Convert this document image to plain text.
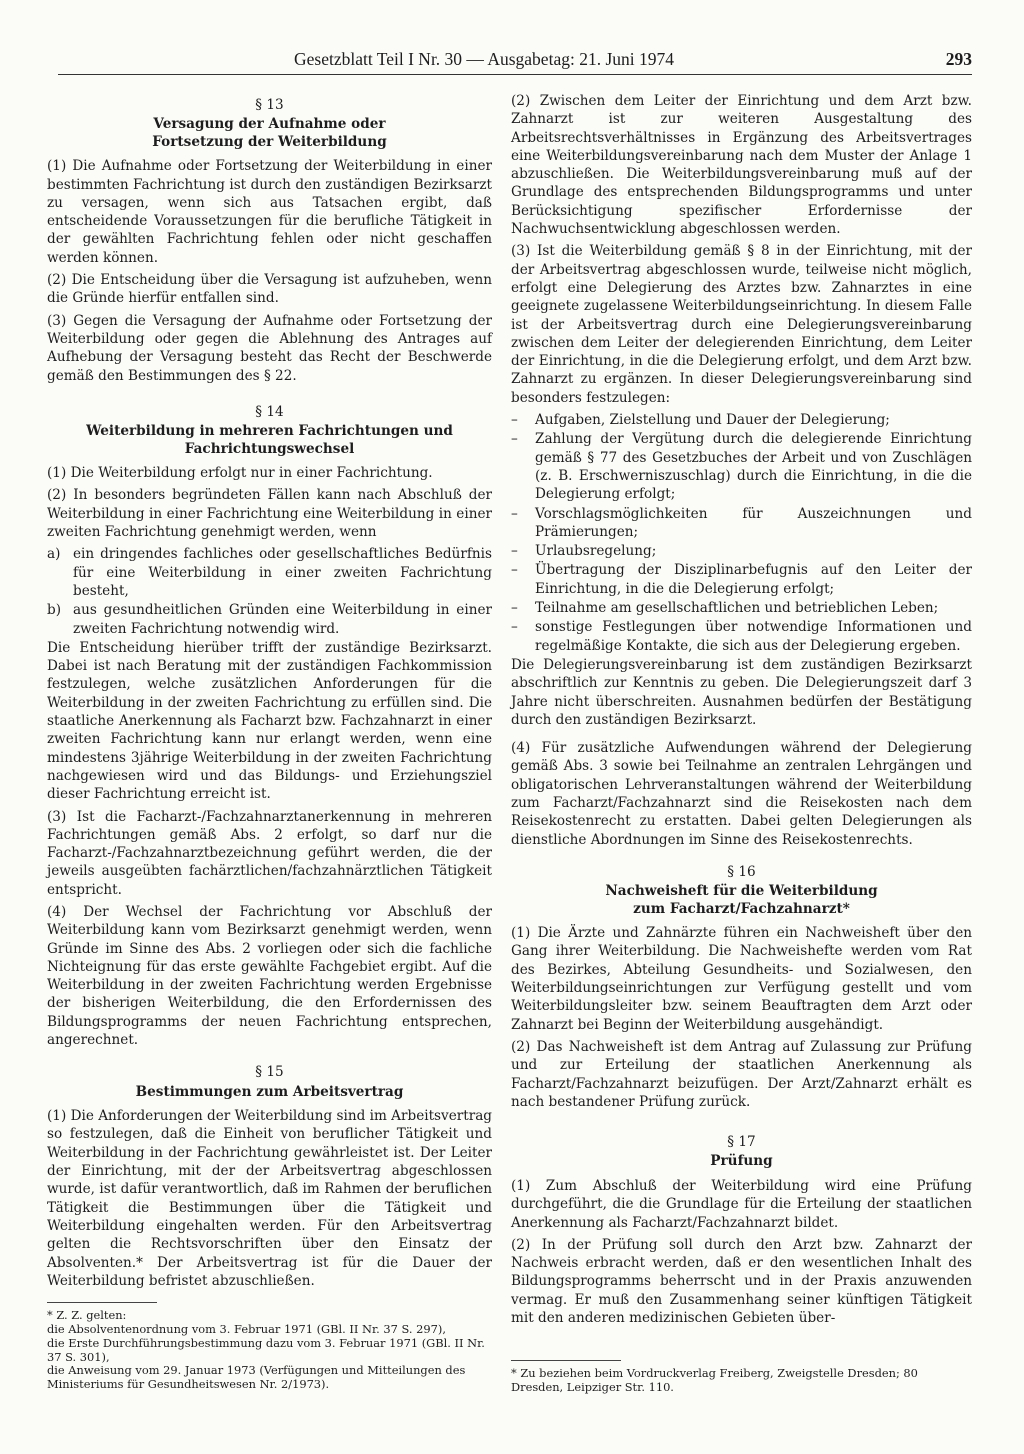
Gesetzblatt Teil I Nr. 30 — Ausgabetag: 21. Juni 1974	293
§ 13
Versagung der Aufnahme oder
Fortsetzung der Weiterbildung

(1) Die Aufnahme oder Fortsetzung der Weiterbildung in einer bestimmten Fachrichtung ist durch den zuständigen Bezirksarzt zu versagen, wenn sich aus Tatsachen ergibt, daß entscheidende Voraussetzungen für die berufliche Tätigkeit in der gewählten Fachrichtung fehlen oder nicht geschaffen werden können.

(2) Die Entscheidung über die Versagung ist aufzuheben, wenn die Gründe hierfür entfallen sind.

(3) Gegen die Versagung der Aufnahme oder Fortsetzung der Weiterbildung oder gegen die Ablehnung des Antrages auf Aufhebung der Versagung besteht das Recht der Beschwerde gemäß den Bestimmungen des § 22.

§ 14
Weiterbildung in mehreren Fachrichtungen und
Fachrichtungswechsel

(1) Die Weiterbildung erfolgt nur in einer Fachrichtung.

(2) In besonders begründeten Fällen kann nach Abschluß der Weiterbildung in einer Fachrichtung eine Weiterbildung in einer zweiten Fachrichtung genehmigt werden, wenn

a) ein dringendes fachliches oder gesellschaftliches Bedürfnis für eine Weiterbildung in einer zweiten Fachrichtung besteht,
b) aus gesundheitlichen Gründen eine Weiterbildung in einer zweiten Fachrichtung notwendig wird.

Die Entscheidung hierüber trifft der zuständige Bezirksarzt. Dabei ist nach Beratung mit der zuständigen Fachkommission festzulegen, welche zusätzlichen Anforderungen für die Weiterbildung in der zweiten Fachrichtung zu erfüllen sind. Die staatliche Anerkennung als Facharzt bzw. Fachzahnarzt in einer zweiten Fachrichtung kann nur erlangt werden, wenn eine mindestens 3jährige Weiterbildung in der zweiten Fachrichtung nachgewiesen wird und das Bildungs- und Erziehungsziel dieser Fachrichtung erreicht ist.

(3) Ist die Facharzt-/Fachzahnarztanerkennung in mehreren Fachrichtungen gemäß Abs. 2 erfolgt, so darf nur die Facharzt-/Fachzahnarztbezeichnung geführt werden, die der jeweils ausgeübten fachärztlichen/fachzahnärztlichen Tätigkeit entspricht.

(4) Der Wechsel der Fachrichtung vor Abschluß der Weiterbildung kann vom Bezirksarzt genehmigt werden, wenn Gründe im Sinne des Abs. 2 vorliegen oder sich die fachliche Nichteignung für das erste gewählte Fachgebiet ergibt. Auf die Weiterbildung in der zweiten Fachrichtung werden Ergebnisse der bisherigen Weiterbildung, die den Erfordernissen des Bildungsprogramms der neuen Fachrichtung entsprechen, angerechnet.

§ 15
Bestimmungen zum Arbeitsvertrag

(1) Die Anforderungen der Weiterbildung sind im Arbeitsvertrag so festzulegen, daß die Einheit von beruflicher Tätigkeit und Weiterbildung in der Fachrichtung gewährleistet ist. Der Leiter der Einrichtung, mit der der Arbeitsvertrag abgeschlossen wurde, ist dafür verantwortlich, daß im Rahmen der beruflichen Tätigkeit die Bestimmungen über die Tätigkeit und Weiterbildung eingehalten werden. Für den Arbeitsvertrag gelten die Rechtsvorschriften über den Einsatz der Absolventen.* Der Arbeitsvertrag ist für die Dauer der Weiterbildung befristet abzuschließen.

* Z. Z. gelten:

die Absolventenordnung vom 3. Februar 1971 (GBl. II Nr. 37 S. 297),

die Erste Durchführungsbestimmung dazu vom 3. Februar 1971 (GBl. II Nr. 37 S. 301),

die Anweisung vom 29. Januar 1973 (Verfügungen und Mitteilungen des Ministeriums für Gesundheitswesen Nr. 2/1973).

(2) Zwischen dem Leiter der Einrichtung und dem Arzt bzw. Zahnarzt ist zur weiteren Ausgestaltung des Arbeitsrechtsverhältnisses in Ergänzung des Arbeitsvertrages eine Weiterbildungsvereinbarung nach dem Muster der Anlage 1 abzuschließen. Die Weiterbildungsvereinbarung muß auf der Grundlage des entsprechenden Bildungsprogramms und unter Berücksichtigung spezifischer Erfordernisse der Nachwuchsentwicklung abgeschlossen werden.

(3) Ist die Weiterbildung gemäß § 8 in der Einrichtung, mit der der Arbeitsvertrag abgeschlossen wurde, teilweise nicht möglich, erfolgt eine Delegierung des Arztes bzw. Zahnarztes in eine geeignete zugelassene Weiterbildungseinrichtung. In diesem Falle ist der Arbeitsvertrag durch eine Delegierungsvereinbarung zwischen dem Leiter der delegierenden Einrichtung, dem Leiter der Einrichtung, in die die Delegierung erfolgt, und dem Arzt bzw. Zahnarzt zu ergänzen. In dieser Delegierungsvereinbarung sind besonders festzulegen:

–	Aufgaben, Zielstellung und Dauer der Delegierung;
–	Zahlung der Vergütung durch die delegierende Einrichtung gemäß § 77 des Gesetzbuches der Arbeit und von Zuschlägen (z. B. Erschwerniszuschlag) durch die Einrichtung, in die die Delegierung erfolgt;
–	Vorschlagsmöglichkeiten für Auszeichnungen und Prämierungen;
–	Urlaubsregelung;
–	Übertragung der Disziplinarbefugnis auf den Leiter der Einrichtung, in die die Delegierung erfolgt;
–	Teilnahme am gesellschaftlichen und betrieblichen Leben;
–	sonstige Festlegungen über notwendige Informationen und regelmäßige Kontakte, die sich aus der Delegierung ergeben.

Die Delegierungsvereinbarung ist dem zuständigen Bezirksarzt abschriftlich zur Kenntnis zu geben. Die Delegierungszeit darf 3 Jahre nicht überschreiten. Ausnahmen bedürfen der Bestätigung durch den zuständigen Bezirksarzt.

(4) Für zusätzliche Aufwendungen während der Delegierung gemäß Abs. 3 sowie bei Teilnahme an zentralen Lehrgängen und obligatorischen Lehrveranstaltungen während der Weiterbildung zum Facharzt/Fachzahnarzt sind die Reisekosten nach dem Reisekostenrecht zu erstatten. Dabei gelten Delegierungen als dienstliche Abordnungen im Sinne des Reisekostenrechts.

§ 16
Nachweisheft für die Weiterbildung
zum Facharzt/Fachzahnarzt*

(1) Die Ärzte und Zahnärzte führen ein Nachweisheft über den Gang ihrer Weiterbildung. Die Nachweishefte werden vom Rat des Bezirkes, Abteilung Gesundheits- und Sozialwesen, den Weiterbildungseinrichtungen zur Verfügung gestellt und vom Weiterbildungsleiter bzw. seinem Beauftragten dem Arzt oder Zahnarzt bei Beginn der Weiterbildung ausgehändigt.

(2) Das Nachweisheft ist dem Antrag auf Zulassung zur Prüfung und zur Erteilung der staatlichen Anerkennung als Facharzt/Fachzahnarzt beizufügen. Der Arzt/Zahnarzt erhält es nach bestandener Prüfung zurück.

§ 17
Prüfung

(1) Zum Abschluß der Weiterbildung wird eine Prüfung durchgeführt, die die Grundlage für die Erteilung der staatlichen Anerkennung als Facharzt/Fachzahnarzt bildet.

(2) In der Prüfung soll durch den Arzt bzw. Zahnarzt der Nachweis erbracht werden, daß er den wesentlichen Inhalt des Bildungsprogramms beherrscht und in der Praxis anzuwenden vermag. Er muß den Zusammenhang seiner künftigen Tätigkeit mit den anderen medizinischen Gebieten über-

* Zu beziehen beim Vordruckverlag Freiberg, Zweigstelle Dresden; 80 Dresden, Leipziger Str. 110.
